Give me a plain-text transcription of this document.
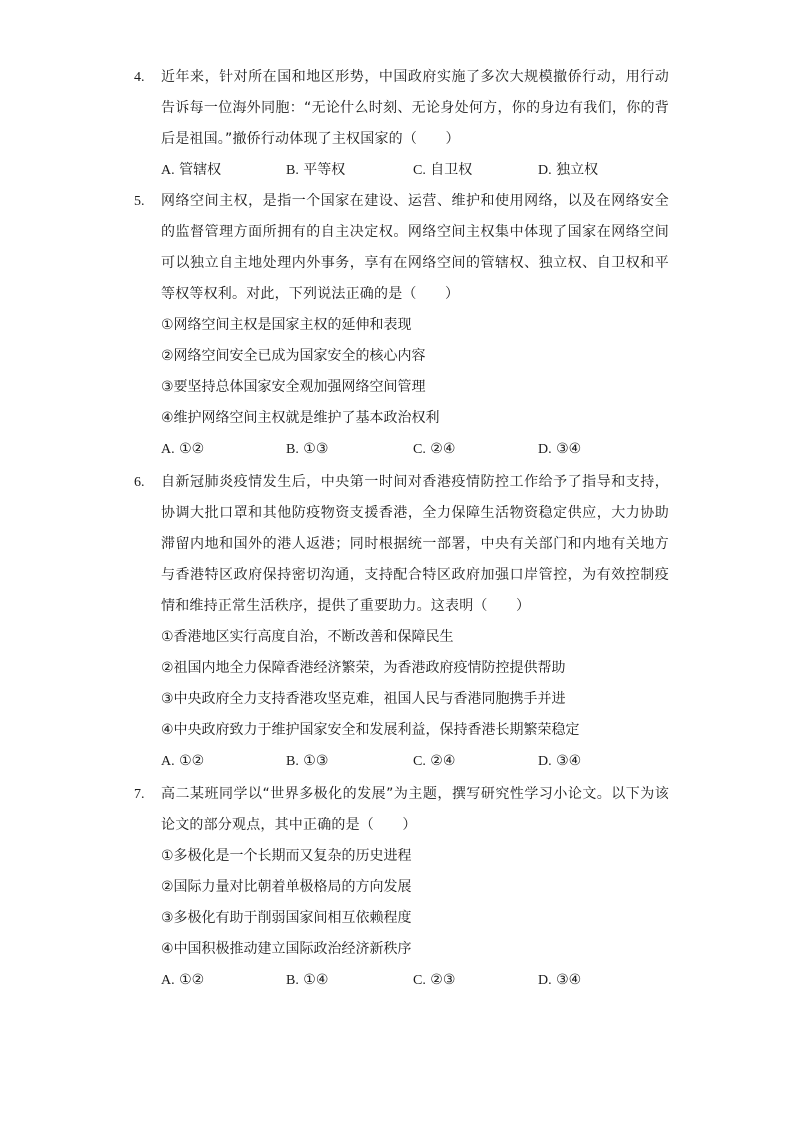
4. 近年来，针对所在国和地区形势，中国政府实施了多次大规模撤侨行动，用行动告诉每一位海外同胞：“无论什么时刻、无论身处何方，你的身边有我们，你的背后是祖国。”撤侨行动体现了主权国家的（　　）

A. 管辖权	B. 平等权	C. 自卫权	D. 独立权
5. 网络空间主权，是指一个国家在建设、运营、维护和使用网络，以及在网络安全的监督管理方面所拥有的自主决定权。网络空间主权集中体现了国家在网络空间可以独立自主地处理内外事务，享有在网络空间的管辖权、独立权、自卫权和平等权等权利。对此，下列说法正确的是（　　）

①网络空间主权是国家主权的延伸和表现

②网络空间安全已成为国家安全的核心内容

③要坚持总体国家安全观加强网络空间管理

④维护网络空间主权就是维护了基本政治权利

A. ①②	B. ①③	C. ②④	D. ③④
6. 自新冠肺炎疫情发生后，中央第一时间对香港疫情防控工作给予了指导和支持，协调大批口罩和其他防疫物资支援香港，全力保障生活物资稳定供应，大力协助滞留内地和国外的港人返港；同时根据统一部署，中央有关部门和内地有关地方与香港特区政府保持密切沟通，支持配合特区政府加强口岸管控，为有效控制疫情和维持正常生活秩序，提供了重要助力。这表明（　　）

①香港地区实行高度自治，不断改善和保障民生

②祖国内地全力保障香港经济繁荣，为香港政府疫情防控提供帮助

③中央政府全力支持香港攻坚克难，祖国人民与香港同胞携手并进

④中央政府致力于维护国家安全和发展利益，保持香港长期繁荣稳定

A. ①②	B. ①③	C. ②④	D. ③④
7. 高二某班同学以“世界多极化的发展”为主题，撰写研究性学习小论文。以下为该论文的部分观点，其中正确的是（　　）

①多极化是一个长期而又复杂的历史进程

②国际力量对比朝着单极格局的方向发展

③多极化有助于削弱国家间相互依赖程度

④中国积极推动建立国际政治经济新秩序

A. ①②	B. ①④	C. ②③	D. ③④
